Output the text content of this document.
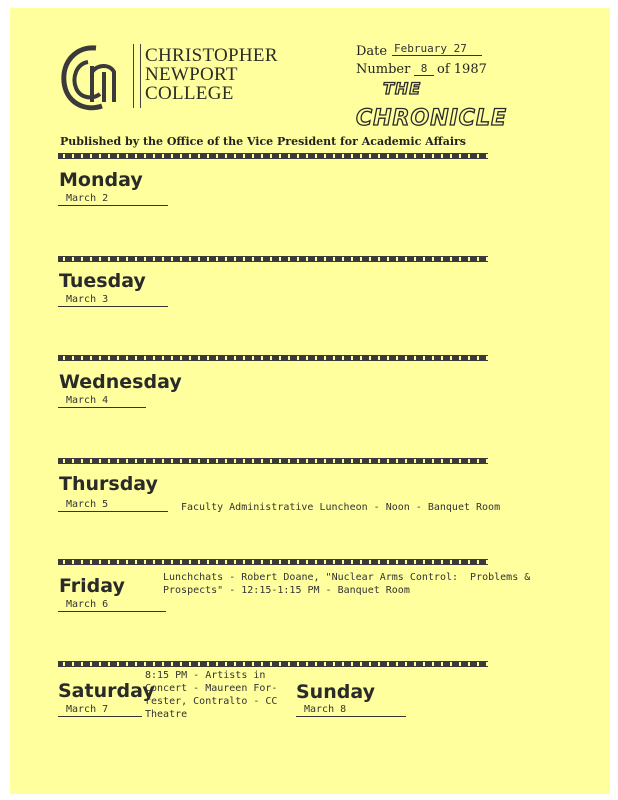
CHRISTOPHER
NEWPORT
COLLEGE
Date February 27
Number 8 of 1987
THE
CHRONICLE
Published by the Office of the Vice President for Academic Affairs
Monday
March 2
Tuesday
March 3
Wednesday
March 4
Thursday
March 5	Faculty Administrative Luncheon - Noon - Banquet Room
Friday
March 6
Lunchchats - Robert Doane, "Nuclear Arms Control:  Problems &
Prospects" - 12:15-1:15 PM - Banquet Room
Saturday
March 7
8:15 PM - Artists in
Concert - Maureen For-
rester, Contralto - CC
Theatre
Sunday
March 8
